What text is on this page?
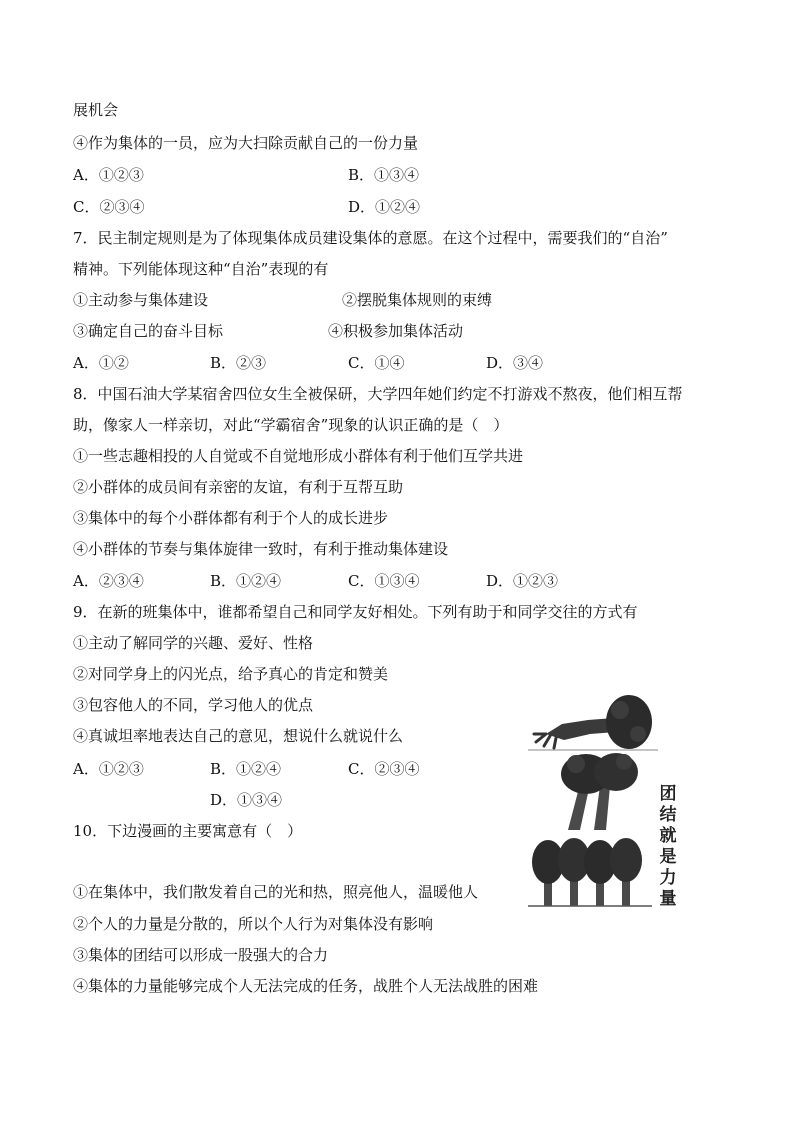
展机会
④作为集体的一员，应为大扫除贡献自己的一份力量
A．①②③	B．①③④
C．②③④	D．①②④
7．民主制定规则是为了体现集体成员建设集体的意愿。在这个过程中，需要我们的“自治”
精神。下列能体现这种“自治”表现的有
①主动参与集体建设	②摆脱集体规则的束缚
③确定自己的奋斗目标	④积极参加集体活动
A．①②	B．②③	C．①④	D．③④
8．中国石油大学某宿舍四位女生全被保研，大学四年她们约定不打游戏不熬夜，他们相互帮
助，像家人一样亲切，对此“学霸宿舍”现象的认识正确的是（　）
①一些志趣相投的人自觉或不自觉地形成小群体有利于他们互学共进
②小群体的成员间有亲密的友谊，有利于互帮互助
③集体中的每个小群体都有利于个人的成长进步
④小群体的节奏与集体旋律一致时，有利于推动集体建设
A．②③④	B．①②④	C．①③④	D．①②③
9．在新的班集体中，谁都希望自己和同学友好相处。下列有助于和同学交往的方式有
①主动了解同学的兴趣、爱好、性格
②对同学身上的闪光点，给予真心的肯定和赞美
③包容他人的不同，学习他人的优点
④真诚坦率地表达自己的意见，想说什么就说什么
A．①②③	B．①②④	C．②③④
D．①③④
10．下边漫画的主要寓意有（　）
①在集体中，我们散发着自己的光和热，照亮他人，温暖他人
②个人的力量是分散的，所以个人行为对集体没有影响
③集体的团结可以形成一股强大的合力
④集体的力量能够完成个人无法完成的任务，战胜个人无法战胜的困难
团
结
就
是
力
量
